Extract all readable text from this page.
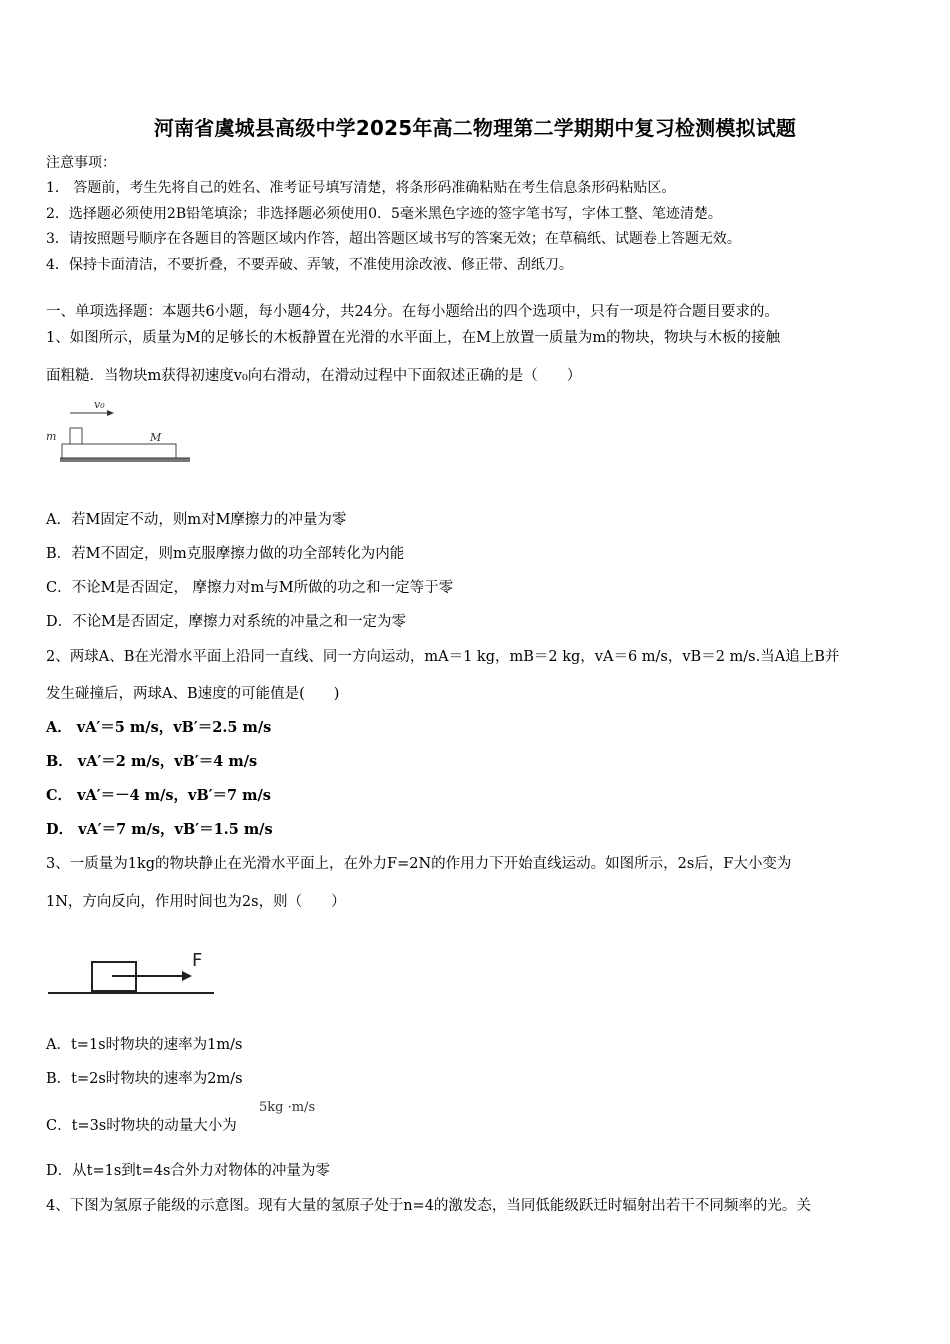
河南省虞城县高级中学2025年高二物理第二学期期中复习检测模拟试题
注意事项：
1． 答题前，考生先将自己的姓名、准考证号填写清楚，将条形码准确粘贴在考生信息条形码粘贴区。
2．选择题必须使用2B铅笔填涂；非选择题必须使用0．5毫米黑色字迹的签字笔书写，字体工整、笔迹清楚。
3．请按照题号顺序在各题目的答题区域内作答，超出答题区域书写的答案无效；在草稿纸、试题卷上答题无效。
4．保持卡面清洁，不要折叠，不要弄破、弄皱，不准使用涂改液、修正带、刮纸刀。
一、单项选择题：本题共6小题，每小题4分，共24分。在每小题给出的四个选项中，只有一项是符合题目要求的。
1、如图所示，质量为M的足够长的木板静置在光滑的水平面上，在M上放置一质量为m的物块，物块与木板的接触
面粗糙．当物块m获得初速度v₀向右滑动，在滑动过程中下面叙述正确的是（　　）
v₀
m	M
A．若M固定不动，则m对M摩擦力的冲量为零
B．若M不固定，则m克服摩擦力做的功全部转化为内能
C．不论M是否固定， 摩擦力对m与M所做的功之和一定等于零
D．不论M是否固定，摩擦力对系统的冲量之和一定为零
2、两球A、B在光滑水平面上沿同一直线、同一方向运动，mA＝1 kg，mB＝2 kg，vA＝6 m/s，vB＝2 m/s.当A追上B并
发生碰撞后，两球A、B速度的可能值是(　　)
A． vA′＝5 m/s，vB′＝2.5 m/s
B． vA′＝2 m/s，vB′＝4 m/s
C． vA′＝－4 m/s，vB′＝7 m/s
D． vA′＝7 m/s，vB′＝1.5 m/s
3、一质量为1kg的物块静止在光滑水平面上，在外力F=2N的作用力下开始直线运动。如图所示，2s后，F大小变为
1N，方向反向，作用时间也为2s，则（　　）
F
A．t=1s时物块的速率为1m/s
B．t=2s时物块的速率为2m/s
C．t=3s时物块的动量大小为
5kg ·m/s
D．从t=1s到t=4s合外力对物体的冲量为零
4、下图为氢原子能级的示意图。现有大量的氢原子处于n=4的激发态，当同低能级跃迁时辐射出若干不同频率的光。关
